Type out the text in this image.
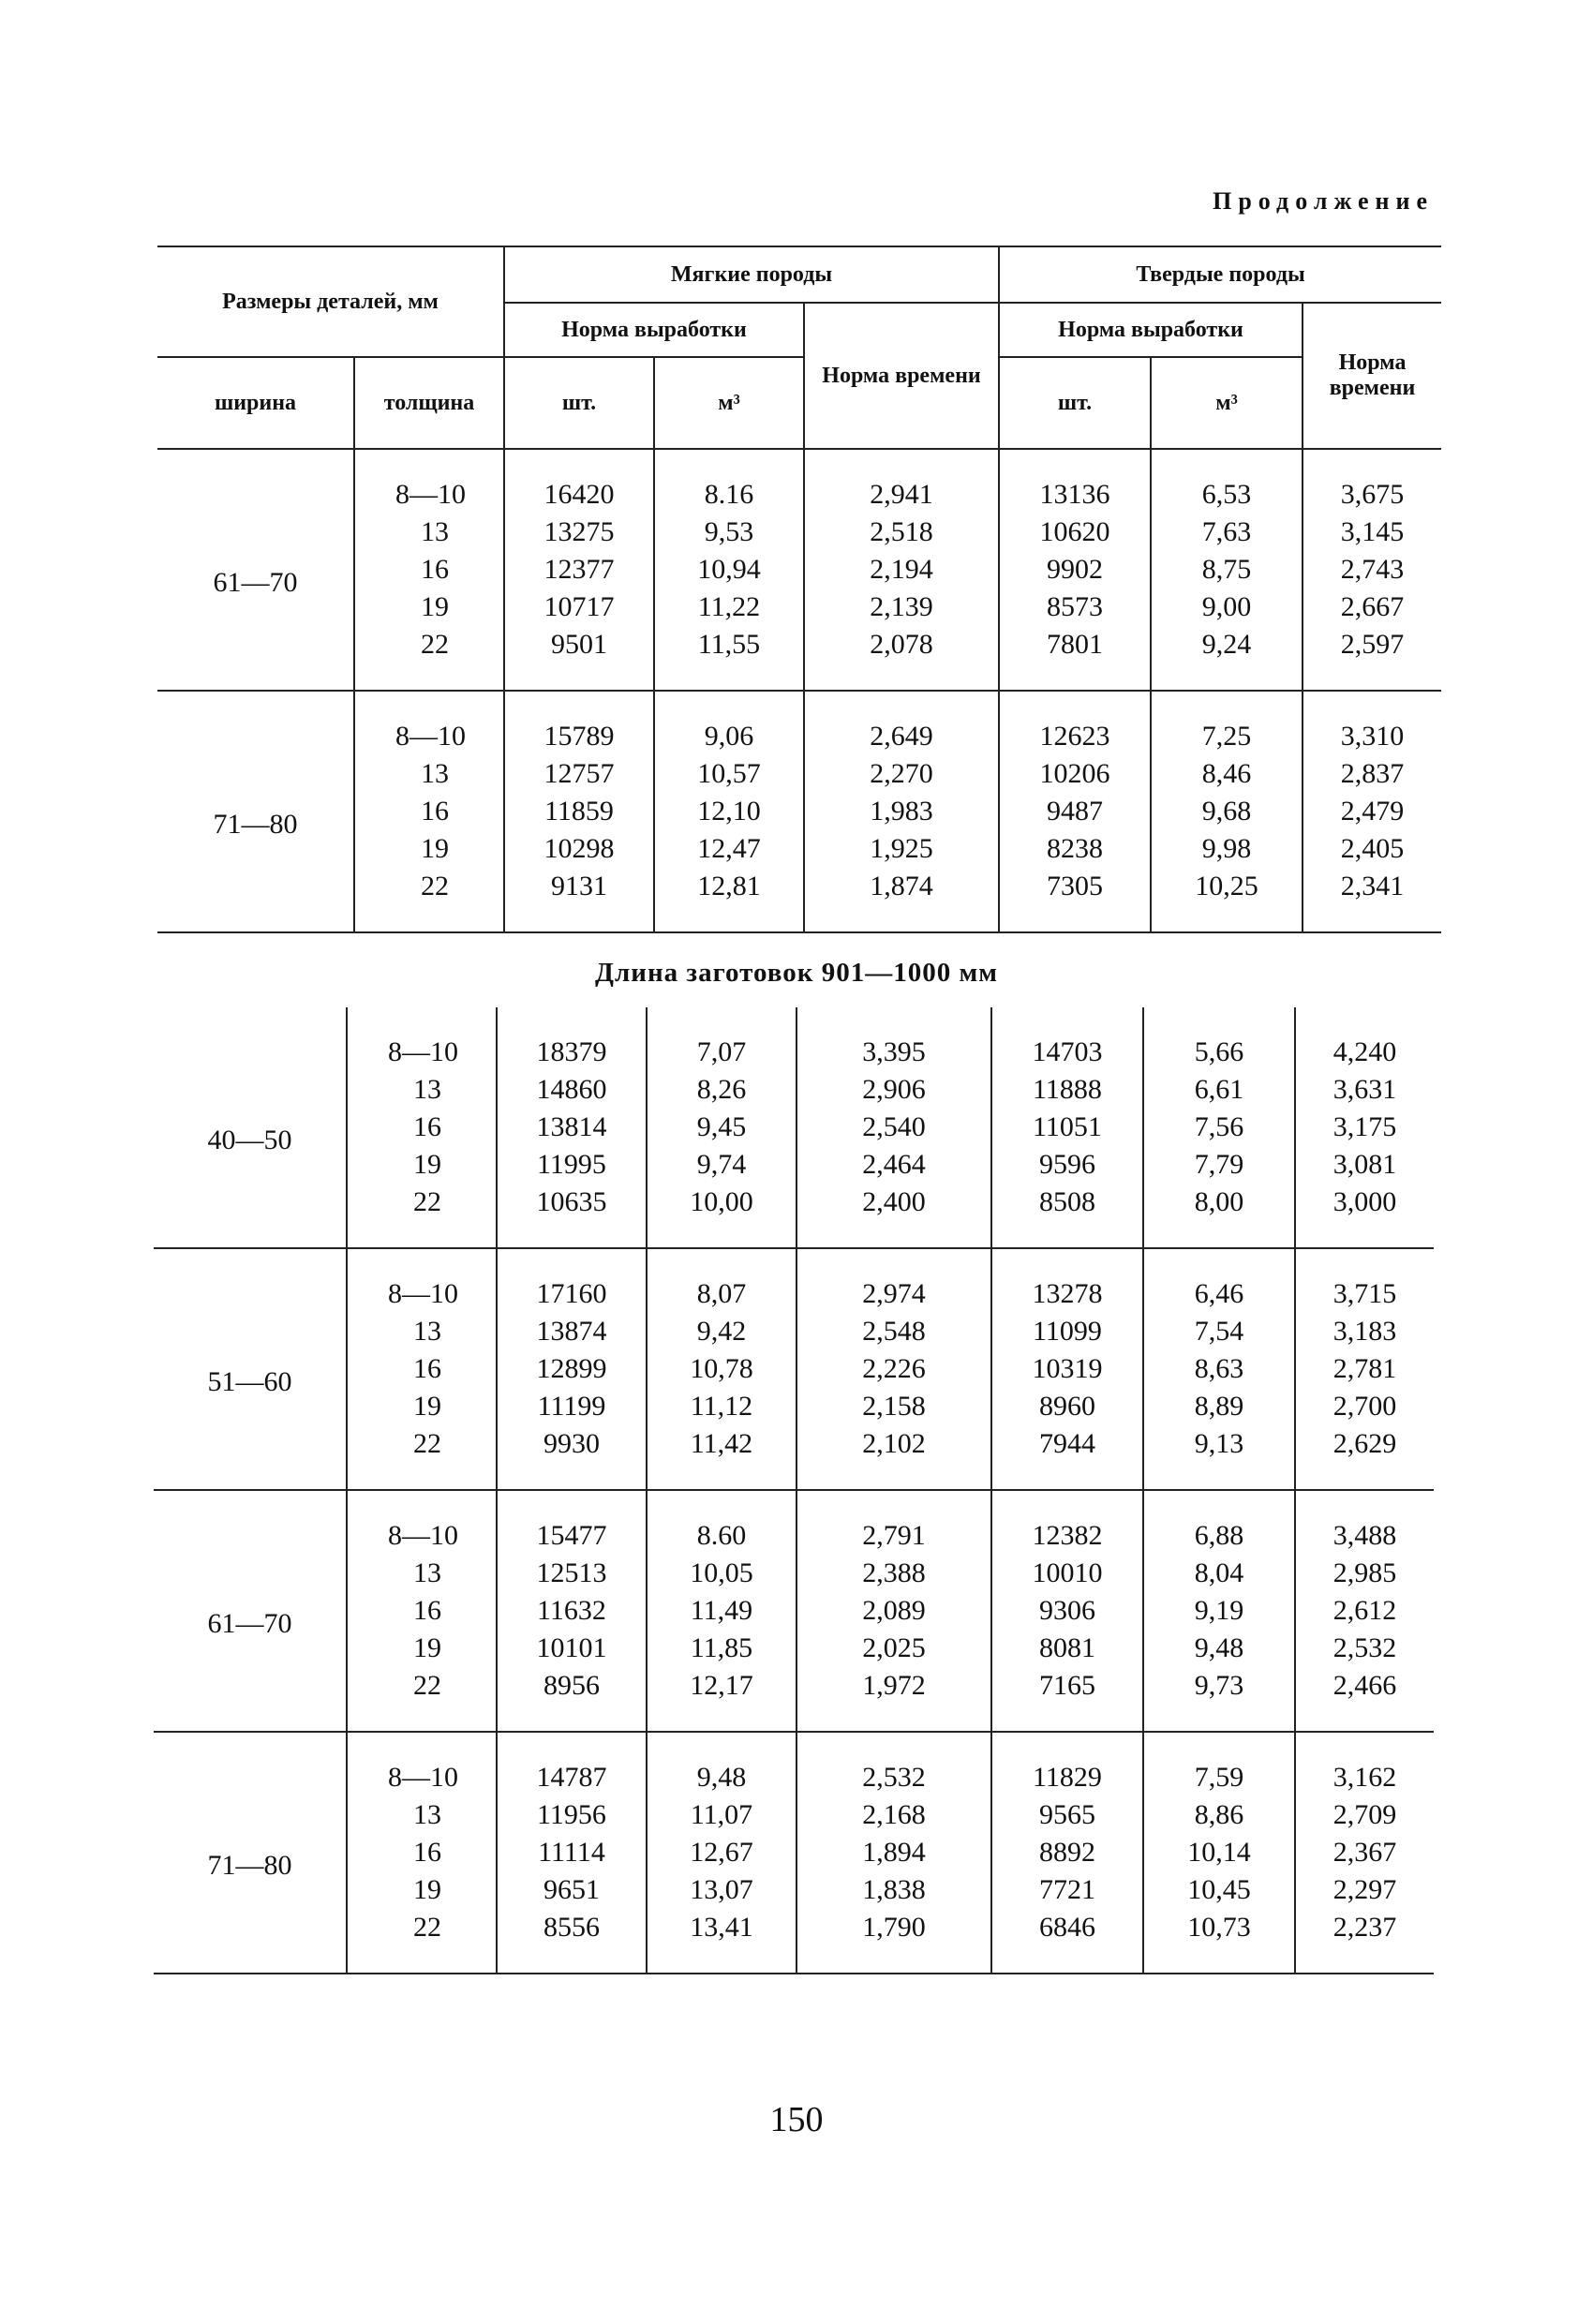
Продолжение
Размеры деталей, мм		Мягкие породы			Твердые породы		
		Норма выработки		Норма времени	Норма выработки		Норма времени
ширина	толщина	шт.	м³		шт.	м³	
61—70	8—10	16420	8.16	2,941	13136	6,53	3,675
	13	13275	9,53	2,518	10620	7,63	3,145
	16	12377	10,94	2,194	9902	8,75	2,743
	19	10717	11,22	2,139	8573	9,00	2,667
	22	9501	11,55	2,078	7801	9,24	2,597
71—80	8—10	15789	9,06	2,649	12623	7,25	3,310
	13	12757	10,57	2,270	10206	8,46	2,837
	16	11859	12,10	1,983	9487	9,68	2,479
	19	10298	12,47	1,925	8238	9,98	2,405
	22	9131	12,81	1,874	7305	10,25	2,341
Длина заготовок 901—1000 мм
40—50	8—10	18379	7,07	3,395	14703	5,66	4,240
	13	14860	8,26	2,906	11888	6,61	3,631
	16	13814	9,45	2,540	11051	7,56	3,175
	19	11995	9,74	2,464	9596	7,79	3,081
	22	10635	10,00	2,400	8508	8,00	3,000
51—60	8—10	17160	8,07	2,974	13278	6,46	3,715
	13	13874	9,42	2,548	11099	7,54	3,183
	16	12899	10,78	2,226	10319	8,63	2,781
	19	11199	11,12	2,158	8960	8,89	2,700
	22	9930	11,42	2,102	7944	9,13	2,629
61—70	8—10	15477	8.60	2,791	12382	6,88	3,488
	13	12513	10,05	2,388	10010	8,04	2,985
	16	11632	11,49	2,089	9306	9,19	2,612
	19	10101	11,85	2,025	8081	9,48	2,532
	22	8956	12,17	1,972	7165	9,73	2,466
71—80	8—10	14787	9,48	2,532	11829	7,59	3,162
	13	11956	11,07	2,168	9565	8,86	2,709
	16	11114	12,67	1,894	8892	10,14	2,367
	19	9651	13,07	1,838	7721	10,45	2,297
	22	8556	13,41	1,790	6846	10,73	2,237
150
